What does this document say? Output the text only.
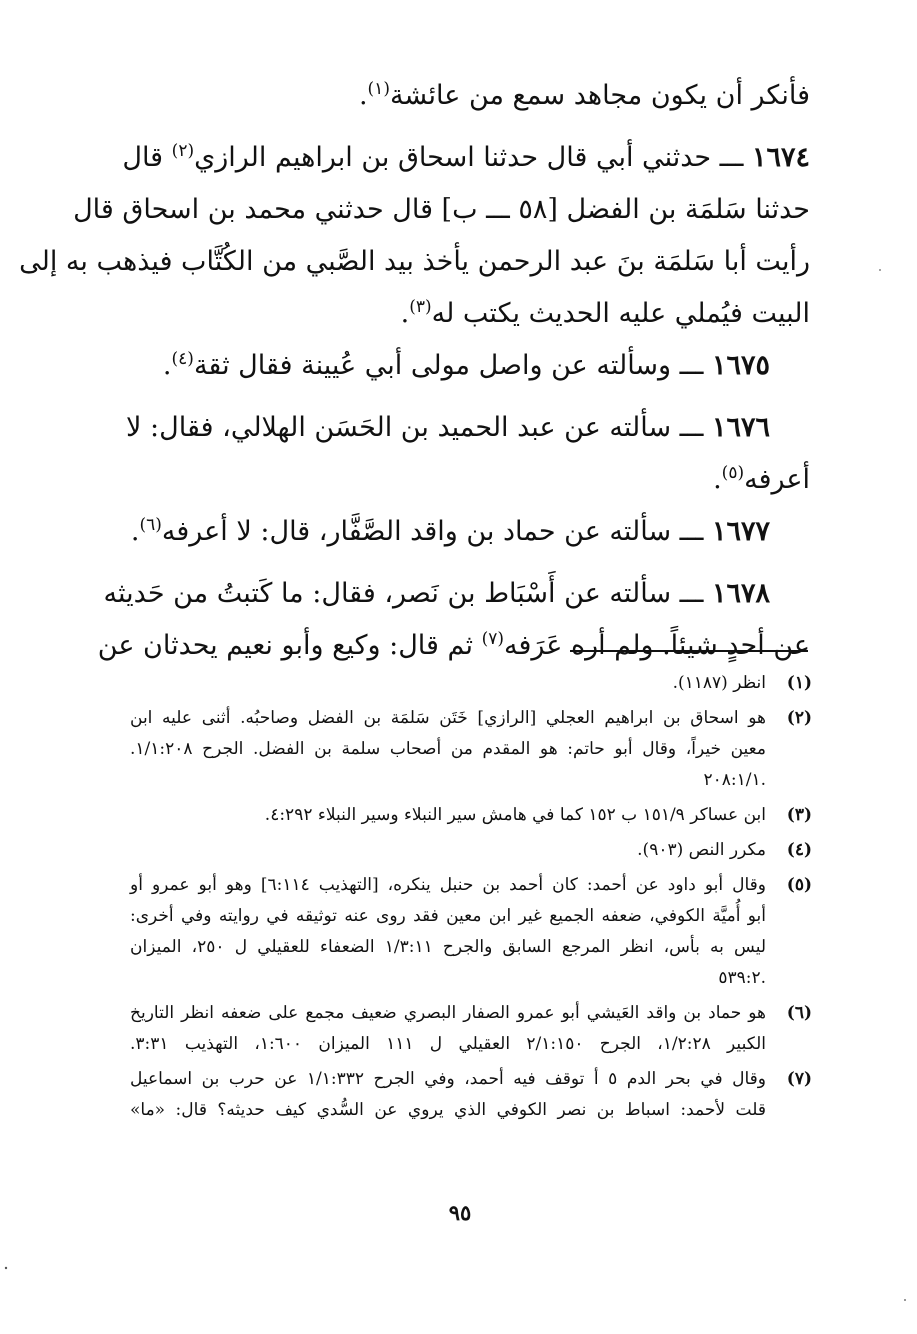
فأنكر أن يكون مجاهد سمع من عائشة$^{(١)}$.
١٦٧٤ ـــ حدثني أبي قال حدثنا اسحاق بن ابراهيم الرازي$^{(٢)}$ قال
حدثنا سَلمَة بن الفضل [٥٨ ـــ ب] قال حدثني محمد بن اسحاق قال
رأيت أبا سَلمَة بنَ عبد الرحمن يأخذ بيد الصَّبي من الكُتَّاب فيذهب به إلى
البيت فيُملي عليه الحديث يكتب له$^{(٣)}$.
١٦٧٥ ـــ وسألته عن واصل مولى أبي عُيينة فقال ثقة$^{(٤)}$.
١٦٧٦ ـــ سألته عن عبد الحميد بن الحَسَن الهلالي، فقال: لا
أعرفه$^{(٥)}$.
١٦٧٧ ـــ سألته عن حماد بن واقد الصَّفَّار، قال: لا أعرفه$^{(٦)}$.
١٦٧٨ ـــ سألته عن أَسْبَاط بن نَصر، فقال: ما كَتبتُ من حَديثه
عن أحدٍ شيئاً. ولم أره عَرَفه$^{(٧)}$ ثم قال: وكيع وأبو نعيم يحدثان عن
(١)
انظر (١١٨٧).
(٢)
هو اسحاق بن ابراهيم العجلي [الرازي] خَتَن سَلمَة بن الفضل وصاحبُه. أثنى عليه ابن
معين خيراً، وقال أبو حاتم: هو المقدم من أصحاب سلمة بن الفضل. الجرح ١/١:٢٠٨.
.٢٠٨:١/١
(٣)
ابن عساكر ١٥١/٩ ب ١٥٢ كما في هامش سير النبلاء وسير النبلاء ٤:٢٩٢.
(٤)
مكرر النص (٩٠٣).
(٥)
وقال أبو داود عن أحمد: كان أحمد بن حنبل ينكره، [التهذيب ٦:١١٤] وهو أبو عمرو أو
أبو أُميَّة الكوفي، ضعفه الجميع غير ابن معين فقد روى عنه توثيقه في روايته وفي أخرى:
ليس به بأس، انظر المرجع السابق والجرح ١/٣:١١ الضعفاء للعقيلي ل ٢٥٠، الميزان
.٥٣٩:٢
(٦)
هو حماد بن واقد العَيشي أبو عمرو الصفار البصري ضعيف مجمع على ضعفه انظر التاريخ
الكبير ١/٢:٢٨، الجرح ٢/١:١٥٠ العقيلي ل ١١١ الميزان ١:٦٠٠، التهذيب ٣:٣١.
(٧)
وقال في بحر الدم ٥ أ توقف فيه أحمد، وفي الجرح ١/١:٣٣٢ عن حرب بن اسماعيل
قلت لأحمد: اسباط بن نصر الكوفي الذي يروي عن السُّدي كيف حديثه؟ قال: «ما»
٩٥
